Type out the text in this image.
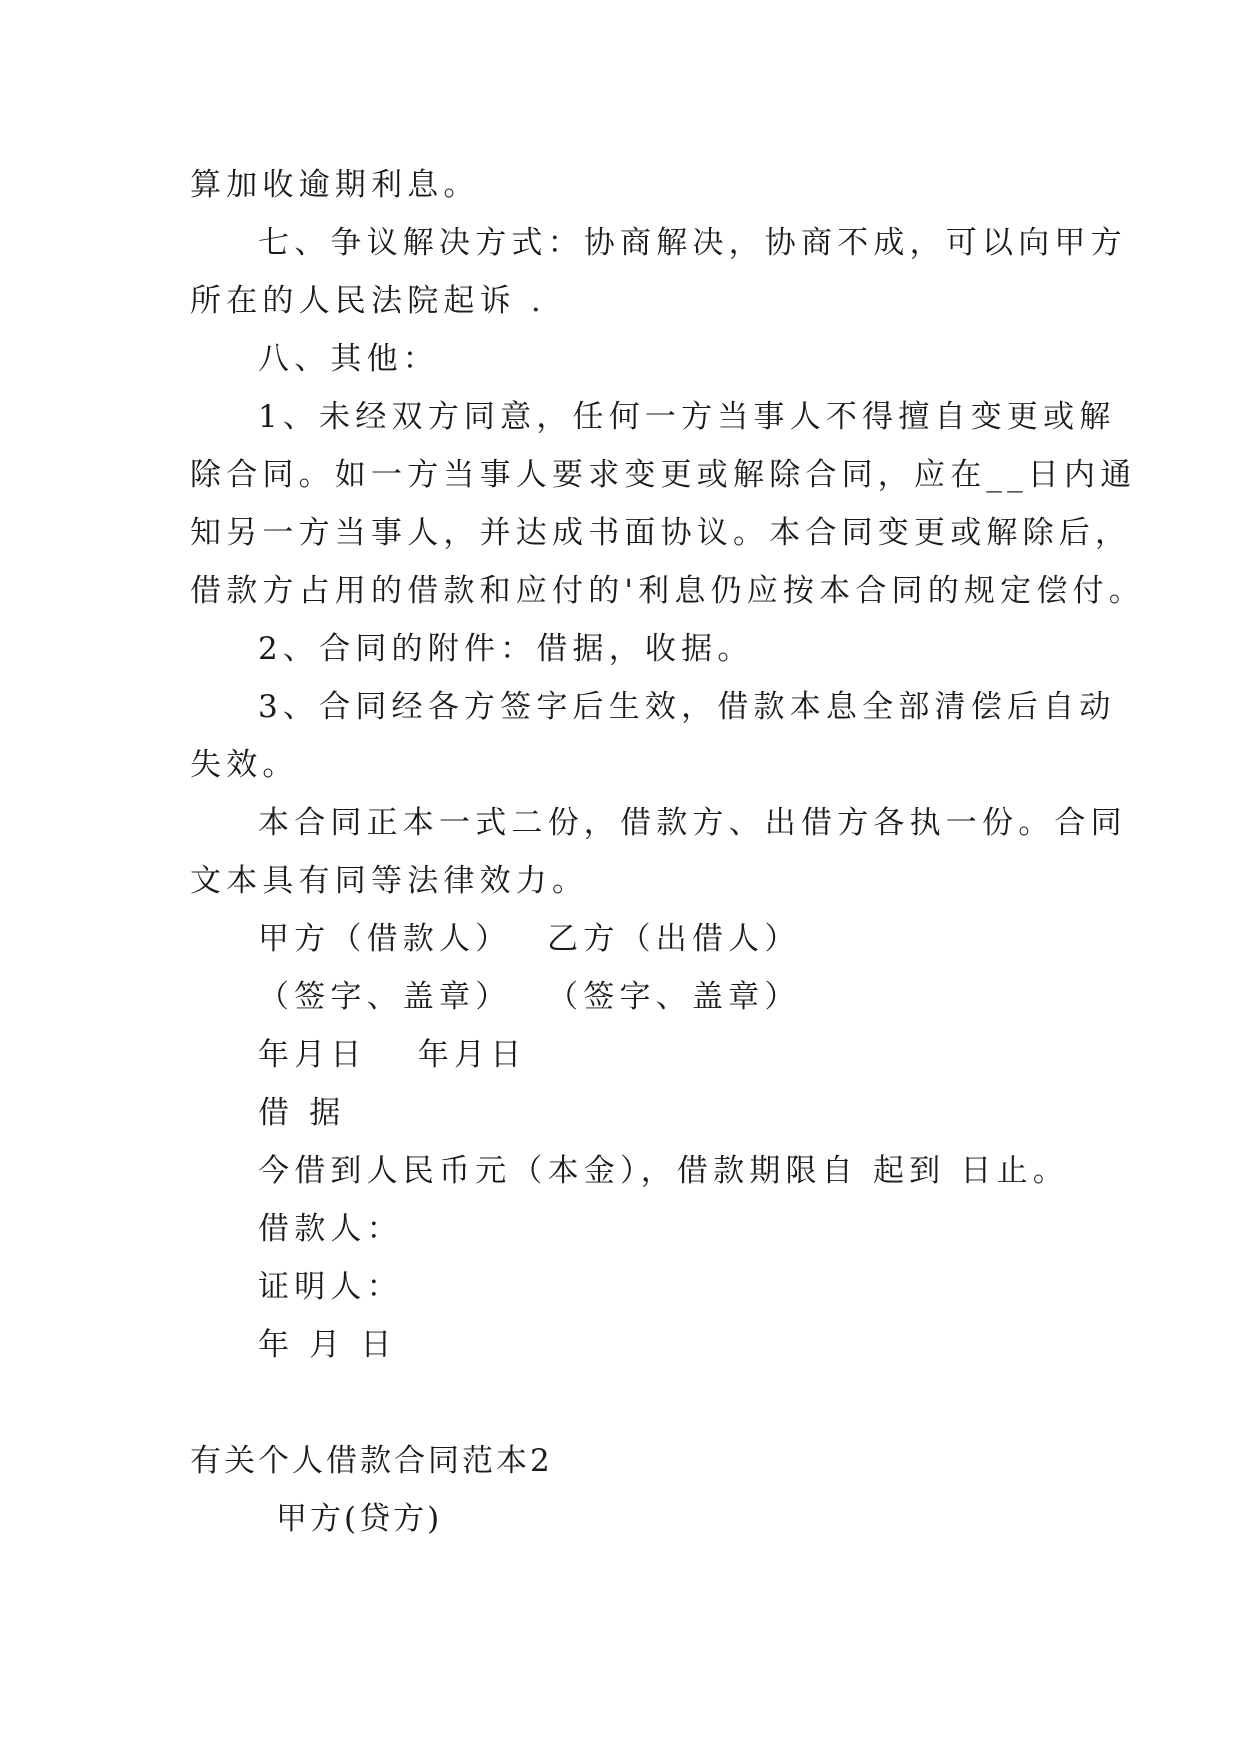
算加收逾期利息。
七、争议解决方式：协商解决，协商不成，可以向甲方
所在的人民法院起诉 .
八、其他：
1、未经双方同意，任何一方当事人不得擅自变更或解
除合同。如一方当事人要求变更或解除合同，应在__日内通
知另一方当事人，并达成书面协议。本合同变更或解除后，
借款方占用的借款和应付的'利息仍应按本合同的规定偿付。
2、合同的附件：借据，收据。
3、合同经各方签字后生效，借款本息全部清偿后自动
失效。
本合同正本一式二份，借款方、出借方各执一份。合同
文本具有同等法律效力。
甲方（借款人）　 乙方（出借人）
（签字、盖章）　 （签字、盖章）
年月日　 年月日
借 据
今借到人民币元（本金），借款期限自 起到 日止。
借款人：
证明人：
年 月 日
有关个人借款合同范本2
甲方(贷方)
